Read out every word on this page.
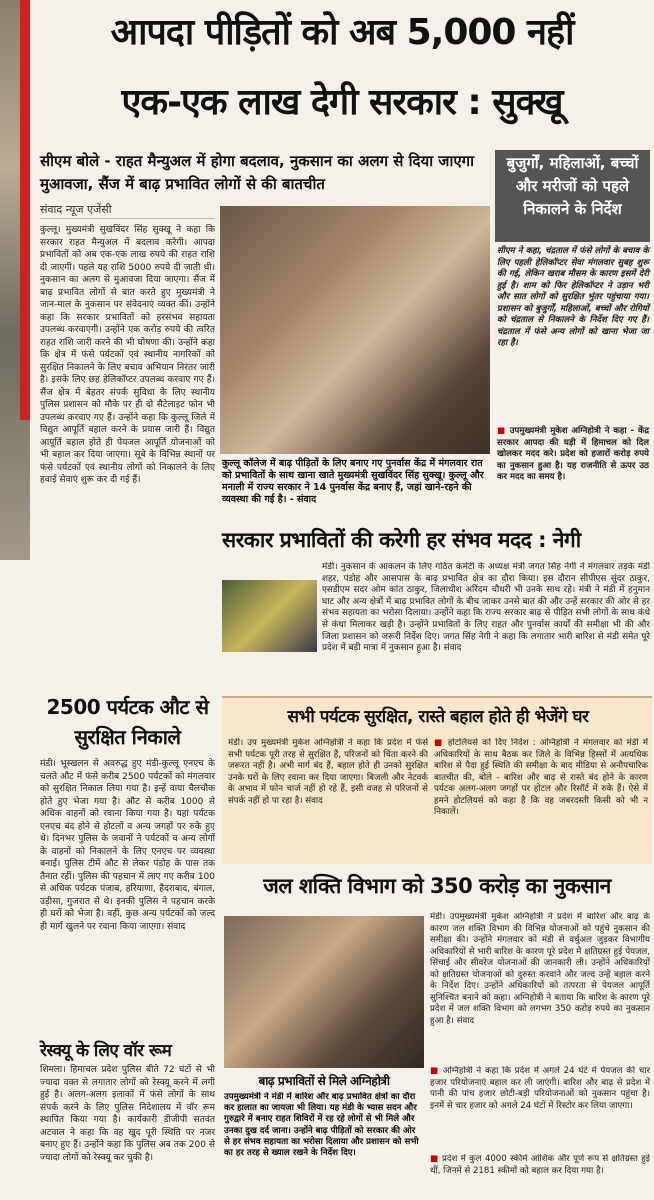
आपदा पीड़ितों को अब 5,000 नहीं
एक-एक लाख देगी सरकार : सुक्खू
सीएम बोले - राहत मैन्युअल में होगा बदलाव, नुकसान का अलग से दिया जाएगा मुआवजा, सैंज में बाढ़ प्रभावित लोगों से की बातचीत
बुजुर्गों, महिलाओं, बच्चों और मरीजों को पहले निकालने के निर्देश
सीएम ने कहा, चंद्रताल में फंसे लोगों के बचाव के लिए पहली हेलिकॉप्टर सेवा मंगलवार सुबह शुरू की गई, लेकिन खराब मौसम के कारण इसमें देरी हुई है। शाम को फिर हेलिकॉप्टर ने उड़ान भरी और सात लोगों को सुरक्षित भुंतर पहुंचाया गया। प्रशासन को बुजुर्गों, महिलाओं, बच्चों और रोगियों को चंद्रताल से निकालने के निर्देश दिए गए हैं। चंद्रताल में फंसे अन्य लोगों को खाना भेजा जा रहा है।
■ उपमुख्यमंत्री मुकेश अग्निहोत्री ने कहा - केंद्र सरकार आपदा की घड़ी में हिमाचल को दिल खोलकर मदद करे। प्रदेश को हजारों करोड़ रुपये का नुकसान हुआ है। यह राजनीति से ऊपर उठ कर मदद का समय है।
संवाद न्यूज एजेंसी
कुल्लू। मुख्यमंत्री सुखविंदर सिंह सुक्खू ने कहा कि सरकार राहत मैन्युअल में बदलाव करेगी। आपदा प्रभावितों को अब एक-एक लाख रुपये की राहत राशि दी जाएगी। पहले यह राशि 5000 रुपये दी जाती थी। नुकसान का अलग से मुआवजा दिया जाएगा। सैंज में बाढ़ प्रभावित लोगों से बात करते हुए मुख्यमंत्री ने जान-माल के नुकसान पर संवेदनाएं व्यक्त कीं। उन्होंने कहा कि सरकार प्रभावितों को हरसंभव सहायता उपलब्ध करवाएगी। उन्होंने एक करोड़ रुपये की त्वरित राहत राशि जारी करने की भी घोषणा की। उन्होंने कहा कि क्षेत्र में फंसे पर्यटकों एवं स्थानीय नागरिकों को सुरक्षित निकालने के लिए बचाव अभियान निरंतर जारी है। इसके लिए छह हेलिकॉप्टर उपलब्ध करवाए गए हैं। सैंज क्षेत्र में बेहतर संपर्क सुविधा के लिए स्थानीय पुलिस प्रशासन को मौके पर ही दो सैटेलाइट फोन भी उपलब्ध करवाए गए हैं। उन्होंने कहा कि कुल्लू जिले में विद्युत आपूर्ति बहाल करने के प्रयास जारी हैं। विद्युत आपूर्ति बहाल होते ही पेयजल आपूर्ति योजनाओं को भी बहाल कर दिया जाएगा। सूबे के विभिन्न स्थानों पर फंसे पर्यटकों एवं स्थानीय लोगों को निकालने के लिए हवाई सेवाएं शुरू कर दी गई हैं।
कुल्लू कॉलेज में बाढ़ पीड़ितों के लिए बनाए गए पुनर्वास केंद्र में मंगलवार रात को प्रभावितों के साथ खाना खाते मुख्यमंत्री सुखविंदर सिंह सुक्खू। कुल्लू और मनाली में राज्य सरकार ने 14 पुनर्वास केंद्र बनाए हैं, जहां खाने-रहने की व्यवस्था की गई है। - संवाद
सरकार प्रभावितों की करेगी हर संभव मदद : नेगी
मंडी। नुकसान के आकलन के लिए गठित कमेटी के अध्यक्ष मंत्री जगत सिंह नेगी ने मंगलवार तड़के मंडी शहर, पंडोह और आसपास के बाढ़ प्रभावित क्षेत्र का दौरा किया। इस दौरान सीपीएस सुंदर ठाकुर, एसडीएम सदर ओम कांत ठाकुर, जिलाधीश अरिंदम चौधरी भी उनके साथ रहे। मंत्री ने मंडी में हनुमान घाट और अन्य क्षेत्रों में बाढ़ प्रभावित लोगों के बीच जाकर उनसे बात की और उन्हें सरकार की ओर से हर संभव सहायता का भरोसा दिलाया। उन्होंने कहा कि राज्य सरकार बाढ़ से पीड़ित सभी लोगों के साथ कंधे से कंधा मिलाकर खड़ी है। उन्होंने प्रभावितों के लिए राहत और पुनर्वास कार्यों की समीक्षा भी की और जिला प्रशासन को जरूरी निर्देश दिए। जगत सिंह नेगी ने कहा कि लगातार भारी बारिश से मंडी समेत पूरे प्रदेश में बड़ी मात्रा में नुकसान हुआ है। संवाद
2500 पर्यटक औट से सुरक्षित निकाले
मंडी। भूस्खलन से अवरुद्ध हुए मंडी-कुल्लू एनएच के चलते औट में फंसे करीब 2500 पर्यटकों को मंगलवार को सुरक्षित निकाल लिया गया है। इन्हें वाया चैलचौक होते हुए भेजा गया है। औट से करीब 1000 से अधिक वाहनों को रवाना किया गया है। यहां पर्यटक एनएच बंद होने से होटलों व अन्य जगहों पर रुके हुए थे। दिनभर पुलिस के जवानों ने पर्यटकों व अन्य लोगों के वाहनों को निकालने के लिए एनएच पर व्यवस्था बनाई। पुलिस टीमें औट से लेकर पंडोह के पास तक तैनात रहीं। पुलिस की पहचान में लाए गए करीब 100 से अधिक पर्यटक पंजाब, हरियाणा, हैदराबाद, बंगाल, उड़ीसा, गुजरात से थे। इनकी पुलिस ने पहचान करके ही घरों को भेजा है। वहीं, कुछ अन्य पर्यटकों को जल्द ही मार्ग खुलने पर रवाना किया जाएगा। संवाद
रेस्क्यू के लिए वॉर रूम
शिमला। हिमाचल प्रदेश पुलिस बीते 72 घंटों से भी ज्यादा वक्त से लगातार लोगों को रेस्क्यू करने में लगी हुई है। अलग-अलग इलाकों में फंसे लोगों के साथ संपर्क करने के लिए पुलिस निदेशालय में वॉर रूम स्थापित किया गया है। कार्यकारी डीजीपी सतवंत अटवाल ने कहा कि वह खुद पूरी स्थिति पर नजर बनाए हुए हैं। उन्होंने कहा कि पुलिस अब तक 200 से ज्यादा लोगों को रेस्क्यू कर चुकी है।
सभी पर्यटक सुरक्षित, रास्ते बहाल होते ही भेजेंगे घर
मंडी। उप मुख्यमंत्री मुकेश अग्निहोत्री ने कहा कि प्रदेश में फंसे सभी पर्यटक पूरी तरह से सुरक्षित हैं, परिजनों को चिंता करने की जरूरत नहीं है। अभी मार्ग बंद हैं, बहाल होते ही उनको सुरक्षित उनके घरों के लिए रवाना कर दिया जाएगा। बिजली और नेटवर्क के अभाव में फोन चार्ज नहीं हो रहे हैं, इसी वजह से परिजनों से संपर्क नहीं हो पा रहा है। संवाद
■ होटलियर्स को दिए निर्देश : अग्निहोत्री ने मंगलवार को मंडी में अधिकारियों के साथ बैठक कर जिले के विभिन्न हिस्सों में अत्यधिक बारिश से पैदा हुई स्थिति की समीक्षा के बाद मीडिया से अनौपचारिक बातचीत की, बोले - बारिश और बाढ़ से रास्ते बंद होने के कारण पर्यटक अलग-अलग जगहों पर होटल और रिसॉर्ट में रुके हैं। ऐसे में हमने होटलियर्स को कहा है कि वह जबरदस्ती किसी को भी न निकालें।
जल शक्ति विभाग को 350 करोड़ का नुकसान
बाढ़ प्रभावितों से मिले अग्निहोत्री
उपमुख्यमंत्री ने मंडी में बारिश और बाढ़ प्रभावित क्षेत्रों का दौरा कर हालात का जायजा भी लिया। यह मंडी के भ्यास सदन और गुरुद्वारे में बनाए राहत शिविरों में रह रहे लोगों से भी मिले और उनका दुख दर्द जाना। उन्होंने बाढ़ पीड़ितों को सरकार की ओर से हर संभव सहायता का भरोसा दिलाया और प्रशासन को सभी का हर तरह से ख्याल रखने के निर्देश दिए।
मंडी। उपमुख्यमंत्री मुकेश अग्निहोत्री ने प्रदेश में बारिश और बाढ़ के कारण जल शक्ति विभाग की विभिन्न योजनाओं को पहुंचे नुकसान की समीक्षा की। उन्होंने मंगलवार को मंडी से वर्चुअल जुड़कर विभागीय अधिकारियों से भारी बारिश के कारण पूरे प्रदेश में क्षतिग्रस्त हुई पेयजल, सिंचाई और सीवरेज योजनाओं की जानकारी ली। उन्होंने अधिकारियों को क्षतिग्रस्त योजनाओं को दुरुस्त करवाने और जल्द उन्हें बहाल करने के निर्देश दिए। उन्होंने अधिकारियों को तत्परता से पेयजल आपूर्ति सुनिश्चित बनाने को कहा। अग्निहोत्री ने बताया कि बारिश के कारण पूरे प्रदेश में जल शक्ति विभाग को लगभग 350 करोड़ रुपये का नुकसान हुआ है। संवाद
■ अग्निहोत्री ने कहा कि प्रदेश में अगले 24 घंटे में पेयजल की चार हजार परियोजनाएं बहाल कर ली जाएंगी। बारिश और बाढ़ से प्रदेश में पानी की पांच हजार छोटी-बड़ी परियोजनाओं को नुकसान पहुंचा है। इनमें से चार हजार को अगले 24 घंटों में रिस्टोर कर लिया जाएगा।
■ प्रदेश में कुल 4000 स्कीमें आंशिक और पूर्ण रूप से क्षतिग्रस्त हुई थीं, जिनमें से 2181 स्कीमों को बहाल कर दिया गया है।
